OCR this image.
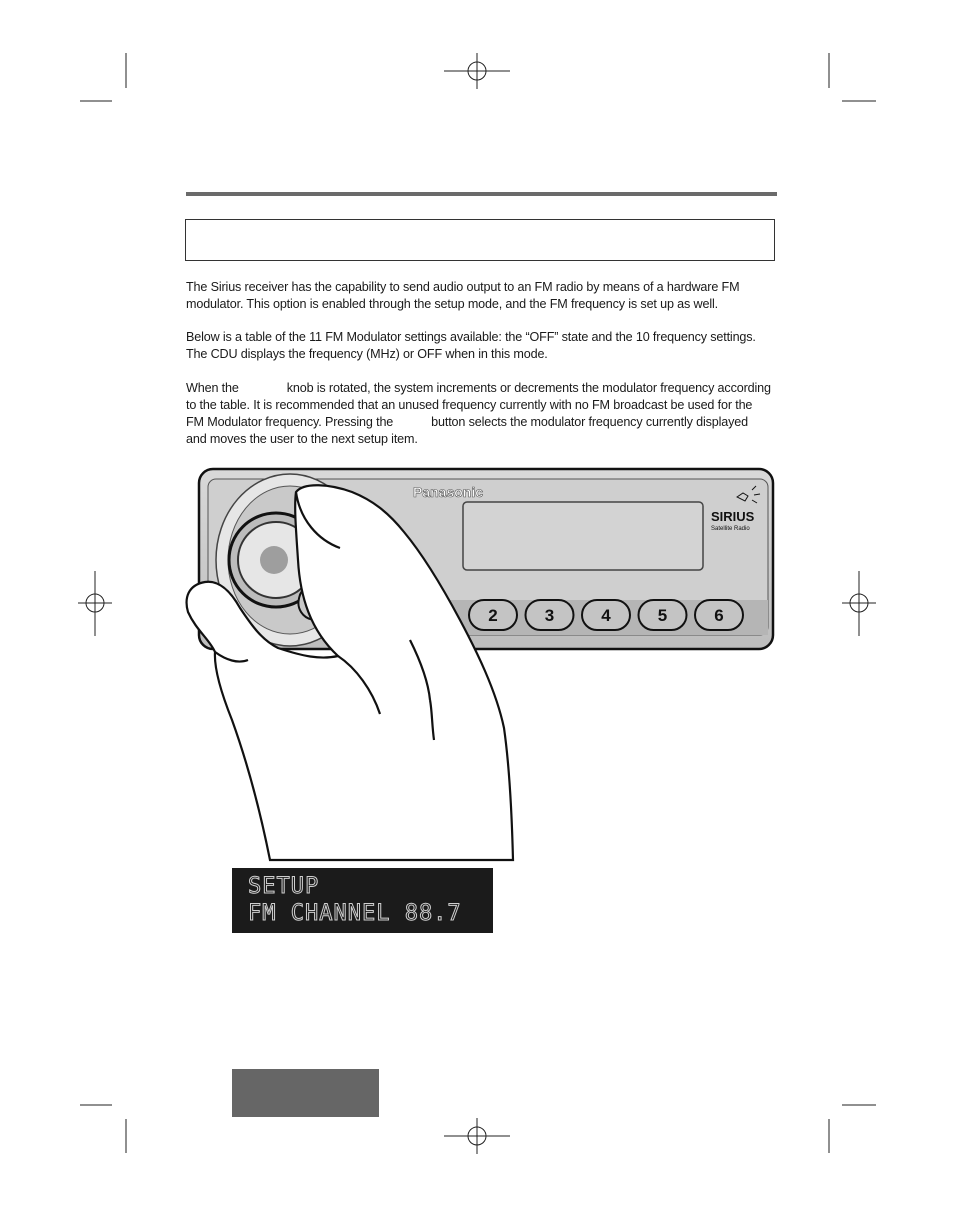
The Sirius receiver has the capability to send audio output to an FM radio by means of a hardware FM
modulator. This option is enabled through the setup mode, and the FM frequency is set up as well.

Below is a table of the 11 FM Modulator settings available: the “OFF” state and the 10 frequency settings.
The CDU displays the frequency (MHz) or OFF when in this mode.

When the	knob is rotated, the system increments or decrements the modulator frequency according
to the table. It is recommended that an unused frequency currently with no FM broadcast be used for the
FM Modulator frequency. Pressing the	button selects the modulator frequency currently displayed
and moves the user to the next setup item.

Panasonic
SIRIUS
Satellite Radio
2	3	4	5	6
SETUP
FM CHANNEL 88.7
